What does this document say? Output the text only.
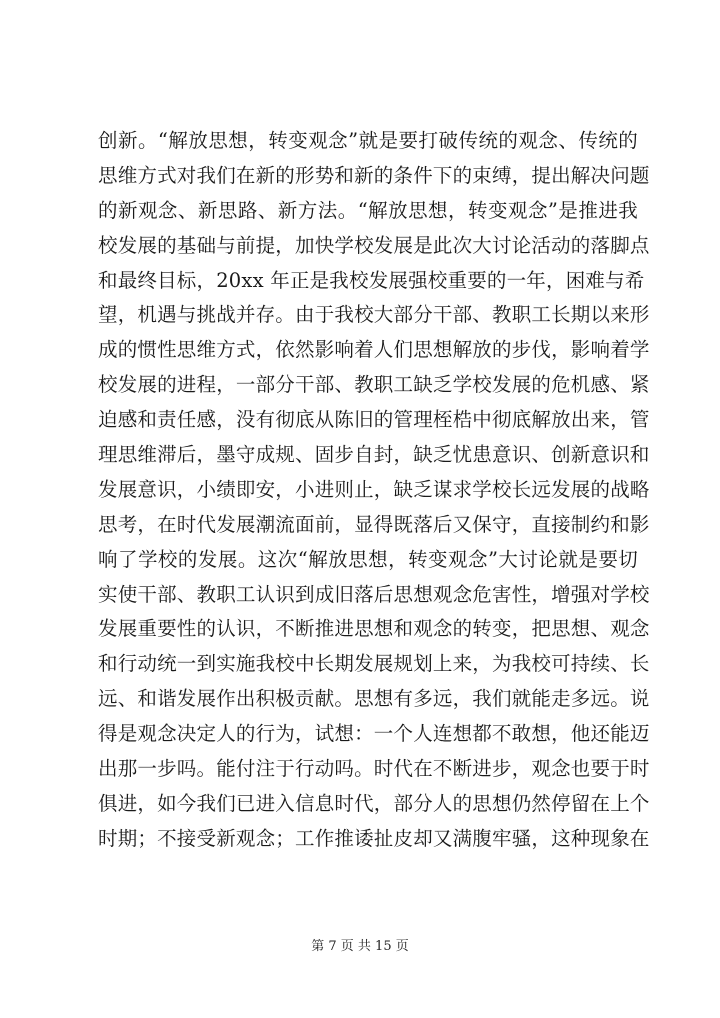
创新。“解放思想，转变观念”就是要打破传统的观念、传统的
思维方式对我们在新的形势和新的条件下的束缚，提出解决问题
的新观念、新思路、新方法。“解放思想，转变观念”是推进我
校发展的基础与前提，加快学校发展是此次大讨论活动的落脚点
和最终目标，20xx 年正是我校发展强校重要的一年，困难与希
望，机遇与挑战并存。由于我校大部分干部、教职工长期以来形
成的惯性思维方式，依然影响着人们思想解放的步伐，影响着学
校发展的进程，一部分干部、教职工缺乏学校发展的危机感、紧
迫感和责任感，没有彻底从陈旧的管理桎梏中彻底解放出来，管
理思维滞后，墨守成规、固步自封，缺乏忧患意识、创新意识和
发展意识，小绩即安，小进则止，缺乏谋求学校长远发展的战略
思考，在时代发展潮流面前，显得既落后又保守，直接制约和影
响了学校的发展。这次“解放思想，转变观念”大讨论就是要切
实使干部、教职工认识到成旧落后思想观念危害性，增强对学校
发展重要性的认识，不断推进思想和观念的转变，把思想、观念
和行动统一到实施我校中长期发展规划上来，为我校可持续、长
远、和谐发展作出积极贡献。思想有多远，我们就能走多远。说
得是观念决定人的行为，试想：一个人连想都不敢想，他还能迈
出那一步吗。能付注于行动吗。时代在不断进步，观念也要于时
俱进，如今我们已进入信息时代，部分人的思想仍然停留在上个
时期；不接受新观念；工作推诿扯皮却又满腹牢骚，这种现象在
第 7 页 共 15 页
